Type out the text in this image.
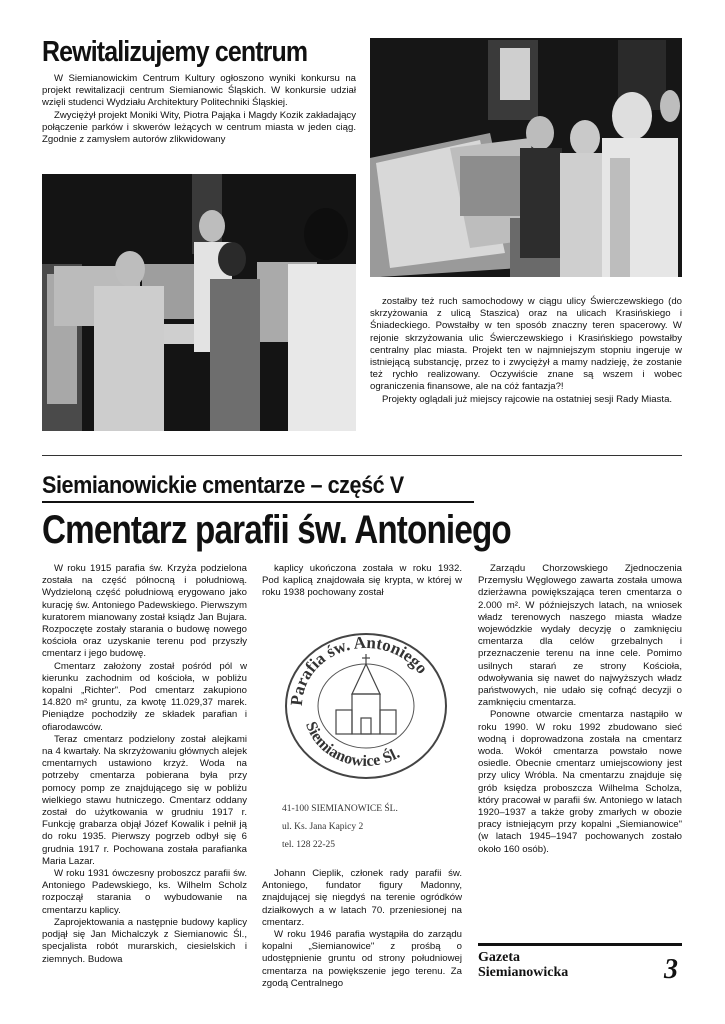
Rewitalizujemy centrum

W Siemianowickim Centrum Kultury ogłoszono wyniki konkursu na projekt rewitalizacji centrum Siemianowic Śląskich. W konkursie udział wzięli studenci Wydziału Architektury Politechniki Śląskiej.

Zwyciężył projekt Moniki Wity, Piotra Pająka i Magdy Kozik zakładający połączenie parków i skwerów leżących w centrum miasta w jeden ciąg. Zgodnie z zamysłem autorów zlikwidowany

zostałby też ruch samochodowy w ciągu ulicy Świerczewskiego (do skrzyżowania z ulicą Staszica) oraz na ulicach Krasińskiego i Śniadeckiego. Powstałby w ten sposób znaczny teren spacerowy. W rejonie skrzyżowania ulic Świerczewskiego i Krasińskiego powstałby centralny plac miasta. Projekt ten w najmniejszym stopniu ingeruje w istniejącą substancję, przez to i zwyciężył a mamy nadzieję, że zostanie też rychło realizowany. Oczywiście znane są wszem i wobec ograniczenia finansowe, ale na cóż fantazja?!

Projekty oglądali już miejscy rajcowie na ostatniej sesji Rady Miasta.

Siemianowickie cmentarze – część V
Cmentarz parafii św. Antoniego

W roku 1915 parafia św. Krzyża podzielona została na część północną i południową. Wydzieloną część południową erygowano jako kurację św. Antoniego Padewskiego. Pierwszym kuratorem mianowany został ksiądz Jan Bujara. Rozpoczęte zostały starania o budowę nowego kościoła oraz uzyskanie terenu pod przyszły cmentarz i jego budowę.

Cmentarz założony został pośród pól w kierunku zachodnim od kościoła, w pobliżu kopalni „Richter". Pod cmentarz zakupiono 14.820 m² gruntu, za kwotę 11.029,37 marek. Pieniądze pochodziły ze składek parafian i ofiarodawców.

Teraz cmentarz podzielony został alejkami na 4 kwartały. Na skrzyżowaniu głównych alejek cmentarnych ustawiono krzyż. Woda na potrzeby cmentarza pobierana była przy pomocy pomp ze znajdującego się w pobliżu wielkiego stawu hutniczego. Cmentarz oddany został do użytkowania w grudniu 1917 r. Funkcję grabarza objął Józef Kowalik i pełnił ją do roku 1935. Pierwszy pogrzeb odbył się 6 grudnia 1917 r. Pochowana została parafianka Maria Lazar.

W roku 1931 ówczesny proboszcz parafii św. Antoniego Padewskiego, ks. Wilhelm Scholz rozpoczął starania o wybudowanie na cmentarzu kaplicy.

Zaprojektowania a następnie budowy kaplicy podjął się Jan Michalczyk z Siemianowic Śl., specjalista robót murarskich, ciesielskich i ziemnych. Budowa

kaplicy ukończona została w roku 1932. Pod kaplicą znajdowała się krypta, w której w roku 1938 pochowany został

Parafia św. Antoniego
Siemianowice Śl.
41-100 SIEMIANOWICE ŚL.
ul. Ks. Jana Kapicy 2
tel. 128 22-25

Johann Cieplik, członek rady parafii św. Antoniego, fundator figury Madonny, znajdującej się niegdyś na terenie ogródków działkowych a w latach 70. przeniesionej na cmentarz.

W roku 1946 parafia wystąpiła do zarządu kopalni „Siemianowice" z prośbą o udostępnienie gruntu od strony południowej cmentarza na powiększenie jego terenu. Za zgodą Centralnego

Zarządu Chorzowskiego Zjednoczenia Przemysłu Węglowego zawarta została umowa dzierżawna powiększająca teren cmentarza o 2.000 m². W późniejszych latach, na wniosek władz terenowych naszego miasta władze wojewódzkie wydały decyzję o zamknięciu cmentarza dla celów grzebalnych i przeznaczenie terenu na inne cele. Pomimo usilnych starań ze strony Kościoła, odwoływania się nawet do najwyższych władz państwowych, nie udało się cofnąć decyzji o zamknięciu cmentarza.

Ponowne otwarcie cmentarza nastąpiło w roku 1990. W roku 1992 zbudowano sieć wodną i doprowadzona została na cmentarz woda. Wokół cmentarza powstało nowe osiedle. Obecnie cmentarz umiejscowiony jest przy ulicy Wróbla. Na cmentarzu znajduje się grób księdza proboszcza Wilhelma Scholza, który pracował w parafii św. Antoniego w latach 1920–1937 a także groby zmarłych w obozie pracy istniejącym przy kopalni „Siemianowice" (w latach 1945–1947 pochowanych zostało około 160 osób).

Gazeta
Siemianowicka	3
